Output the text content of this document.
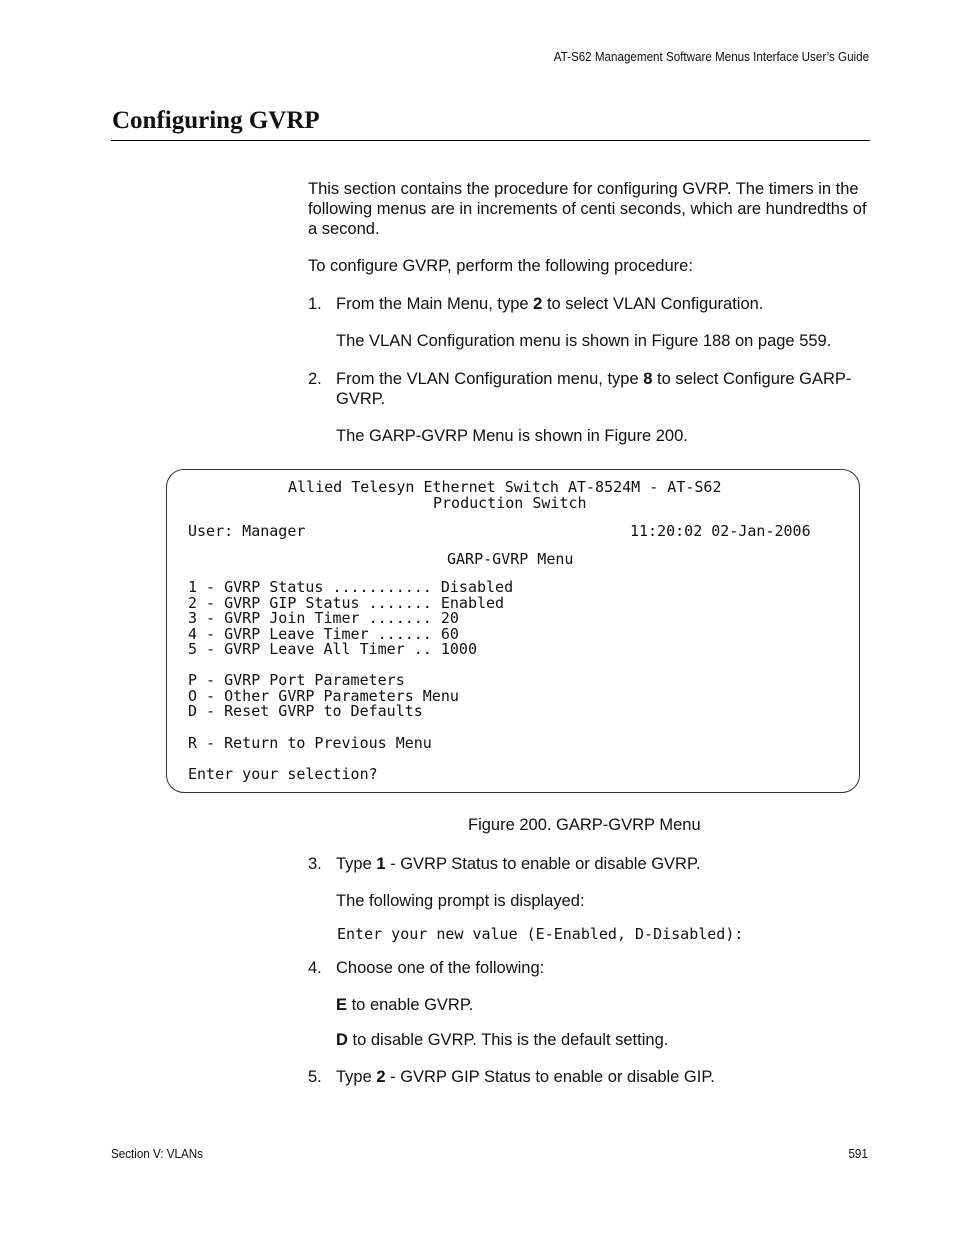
AT-S62 Management Software Menus Interface User’s Guide
Configuring GVRP
This section contains the procedure for configuring GVRP. The timers in the following menus are in increments of centi seconds, which are hundredths of a second.
To configure GVRP, perform the following procedure:
1. From the Main Menu, type 2 to select VLAN Configuration.
The VLAN Configuration menu is shown in Figure 188 on page 559.
2. From the VLAN Configuration menu, type 8 to select Configure GARP-GVRP.
The GARP-GVRP Menu is shown in Figure 200.
Allied Telesyn Ethernet Switch AT-8524M - AT-S62
Production Switch
User: Manager	11:20:02 02-Jan-2006
GARP-GVRP Menu
1 - GVRP Status ........... Disabled
2 - GVRP GIP Status ....... Enabled
3 - GVRP Join Timer ....... 20
4 - GVRP Leave Timer ...... 60
5 - GVRP Leave All Timer .. 1000
P - GVRP Port Parameters
O - Other GVRP Parameters Menu
D - Reset GVRP to Defaults
R - Return to Previous Menu
Enter your selection?
Figure 200. GARP-GVRP Menu
3. Type 1 - GVRP Status to enable or disable GVRP.
The following prompt is displayed:
Enter your new value (E-Enabled, D-Disabled):
4. Choose one of the following:
E to enable GVRP.
D to disable GVRP. This is the default setting.
5. Type 2 - GVRP GIP Status to enable or disable GIP.
Section V: VLANs	591
